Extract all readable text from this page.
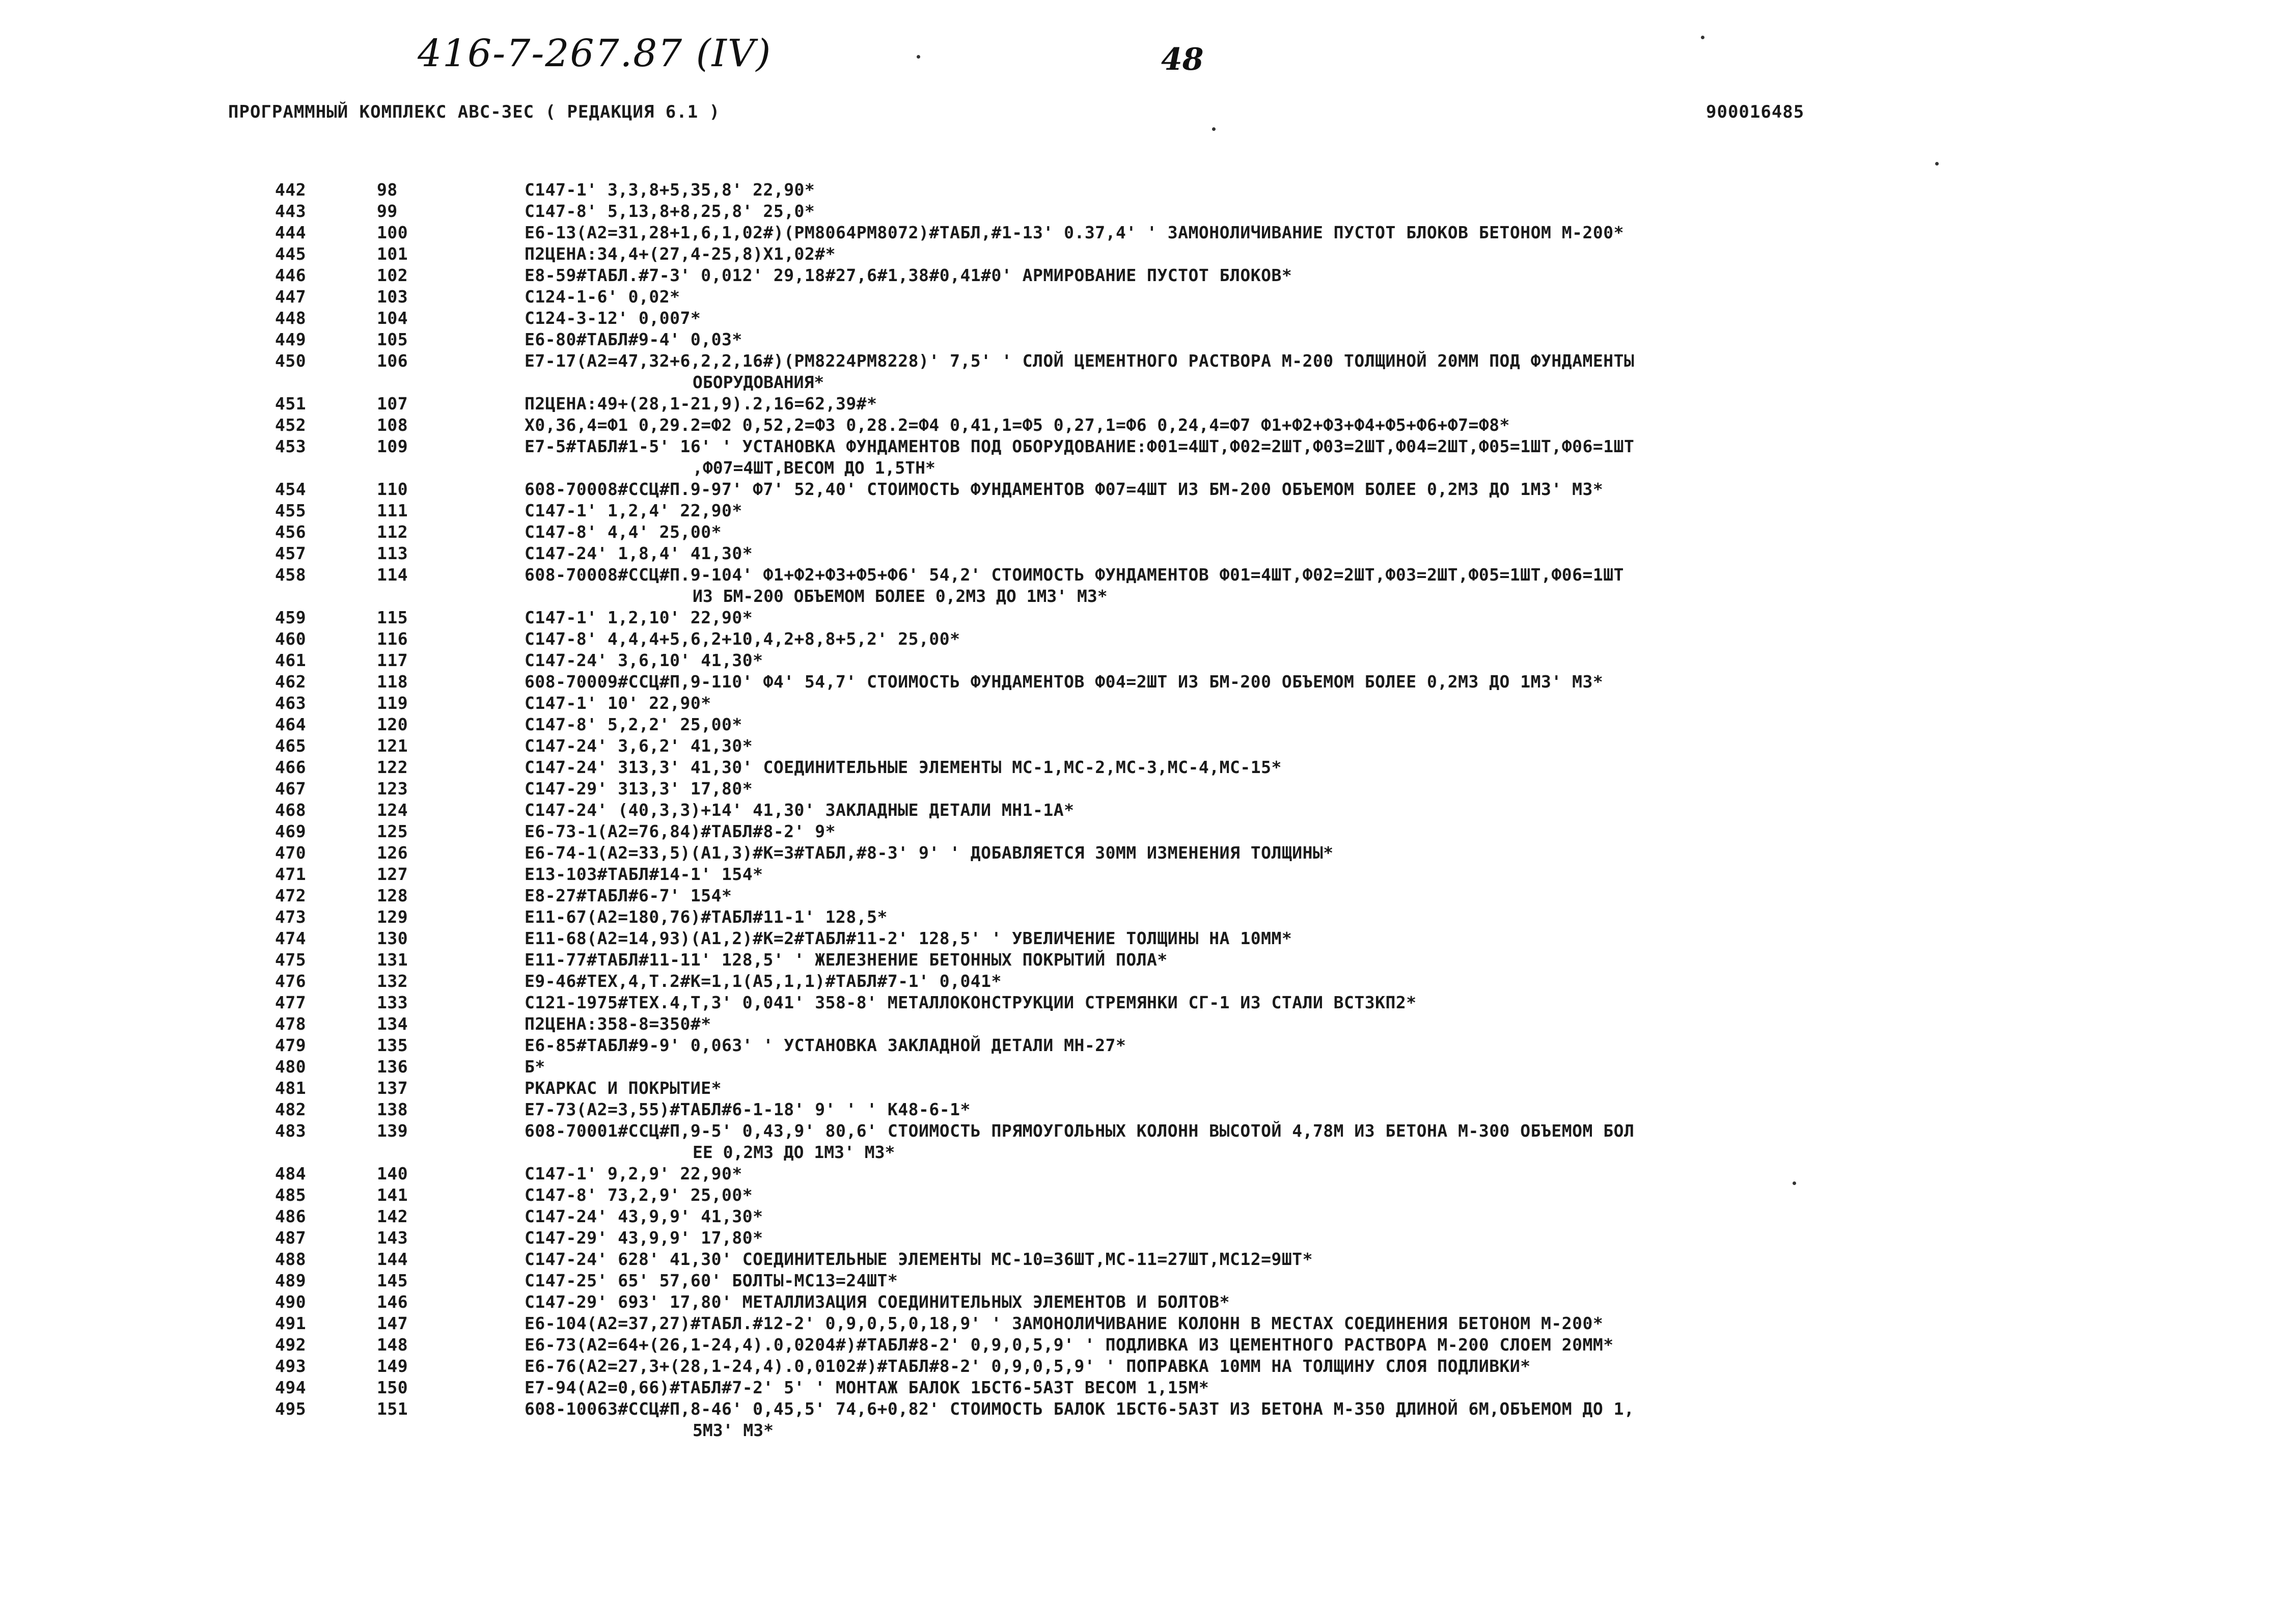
416-7-267.87 (IV)	48
ПРОГРАММНЫЙ КОМПЛЕКС АВС-ЗЕС ( РЕДАКЦИЯ 6.1 )	900016485
442	98	С147-1' 3,3,8+5,35,8' 22,90*
443	99	С147-8' 5,13,8+8,25,8' 25,0*
444	100	Е6-13(А2=31,28+1,6,1,02#)(РМ8064РМ8072)#ТАБЛ,#1-13' 0.37,4' ' ЗАМОНОЛИЧИВАНИЕ ПУСТОТ БЛОКОВ БЕТОНОМ М-200*
445	101	П2ЦЕНА:34,4+(27,4-25,8)Х1,02#*
446	102	Е8-59#ТАБЛ.#7-3' 0,012' 29,18#27,6#1,38#0,41#0' АРМИРОВАНИЕ ПУСТОТ БЛОКОВ*
447	103	С124-1-6' 0,02*
448	104	С124-3-12' 0,007*
449	105	Е6-80#ТАБЛ#9-4' 0,03*
450	106	Е7-17(А2=47,32+6,2,2,16#)(РМ8224РМ8228)' 7,5' ' СЛОЙ ЦЕМЕНТНОГО РАСТВОРА М-200 ТОЛЩИНОЙ 20ММ ПОД ФУНДАМЕНТЫ
ОБОРУДОВАНИЯ*
451	107	П2ЦЕНА:49+(28,1-21,9).2,16=62,39#*
452	108	Х0,36,4=Ф1 0,29.2=Ф2 0,52,2=Ф3 0,28.2=Ф4 0,41,1=Ф5 0,27,1=Ф6 0,24,4=Ф7 Ф1+Ф2+Ф3+Ф4+Ф5+Ф6+Ф7=Ф8*
453	109	Е7-5#ТАБЛ#1-5' 16' ' УСТАНОВКА ФУНДАМЕНТОВ ПОД ОБОРУДОВАНИЕ:Ф01=4ШТ,Ф02=2ШТ,Ф03=2ШТ,Ф04=2ШТ,Ф05=1ШТ,Ф06=1ШТ
,Ф07=4ШТ,ВЕСОМ ДО 1,5ТН*
454	110	608-70008#ССЦ#П.9-97' Ф7' 52,40' СТОИМОСТЬ ФУНДАМЕНТОВ Ф07=4ШТ ИЗ БМ-200 ОБЪЕМОМ БОЛЕЕ 0,2М3 ДО 1М3' М3*
455	111	С147-1' 1,2,4' 22,90*
456	112	С147-8' 4,4' 25,00*
457	113	С147-24' 1,8,4' 41,30*
458	114	608-70008#ССЦ#П.9-104' Ф1+Ф2+Ф3+Ф5+Ф6' 54,2' СТОИМОСТЬ ФУНДАМЕНТОВ Ф01=4ШТ,Ф02=2ШТ,Ф03=2ШТ,Ф05=1ШТ,Ф06=1ШТ
ИЗ БМ-200 ОБЪЕМОМ БОЛЕЕ 0,2М3 ДО 1М3' М3*
459	115	С147-1' 1,2,10' 22,90*
460	116	С147-8' 4,4,4+5,6,2+10,4,2+8,8+5,2' 25,00*
461	117	С147-24' 3,6,10' 41,30*
462	118	608-70009#ССЦ#П,9-110' Ф4' 54,7' СТОИМОСТЬ ФУНДАМЕНТОВ Ф04=2ШТ ИЗ БМ-200 ОБЪЕМОМ БОЛЕЕ 0,2М3 ДО 1М3' М3*
463	119	С147-1' 10' 22,90*
464	120	С147-8' 5,2,2' 25,00*
465	121	С147-24' 3,6,2' 41,30*
466	122	С147-24' 313,3' 41,30' СОЕДИНИТЕЛЬНЫЕ ЭЛЕМЕНТЫ МС-1,МС-2,МС-3,МС-4,МС-15*
467	123	С147-29' 313,3' 17,80*
468	124	С147-24' (40,3,3)+14' 41,30' ЗАКЛАДНЫЕ ДЕТАЛИ МН1-1А*
469	125	Е6-73-1(А2=76,84)#ТАБЛ#8-2' 9*
470	126	Е6-74-1(А2=33,5)(А1,3)#К=3#ТАБЛ,#8-3' 9' ' ДОБАВЛЯЕТСЯ 30ММ ИЗМЕНЕНИЯ ТОЛЩИНЫ*
471	127	Е13-103#ТАБЛ#14-1' 154*
472	128	Е8-27#ТАБЛ#6-7' 154*
473	129	Е11-67(А2=180,76)#ТАБЛ#11-1' 128,5*
474	130	Е11-68(А2=14,93)(А1,2)#К=2#ТАБЛ#11-2' 128,5' ' УВЕЛИЧЕНИЕ ТОЛЩИНЫ НА 10ММ*
475	131	Е11-77#ТАБЛ#11-11' 128,5' ' ЖЕЛЕЗНЕНИЕ БЕТОННЫХ ПОКРЫТИЙ ПОЛА*
476	132	Е9-46#ТЕХ,4,Т.2#К=1,1(А5,1,1)#ТАБЛ#7-1' 0,041*
477	133	С121-1975#ТЕХ.4,Т,3' 0,041' 358-8' МЕТАЛЛОКОНСТРУКЦИИ СТРЕМЯНКИ СГ-1 ИЗ СТАЛИ ВСТ3КП2*
478	134	П2ЦЕНА:358-8=350#*
479	135	Е6-85#ТАБЛ#9-9' 0,063' ' УСТАНОВКА ЗАКЛАДНОЙ ДЕТАЛИ МН-27*
480	136	Б*
481	137	РКАРКАС И ПОКРЫТИЕ*
482	138	Е7-73(А2=3,55)#ТАБЛ#6-1-18' 9' ' ' К48-6-1*
483	139	608-70001#ССЦ#П,9-5' 0,43,9' 80,6' СТОИМОСТЬ ПРЯМОУГОЛЬНЫХ КОЛОНН ВЫСОТОЙ 4,78М ИЗ БЕТОНА М-300 ОБЪЕМОМ БОЛ
ЕЕ 0,2М3 ДО 1М3' М3*
484	140	С147-1' 9,2,9' 22,90*
485	141	С147-8' 73,2,9' 25,00*
486	142	С147-24' 43,9,9' 41,30*
487	143	С147-29' 43,9,9' 17,80*
488	144	С147-24' 628' 41,30' СОЕДИНИТЕЛЬНЫЕ ЭЛЕМЕНТЫ МС-10=36ШТ,МС-11=27ШТ,МС12=9ШТ*
489	145	С147-25' 65' 57,60' БОЛТЫ-МС13=24ШТ*
490	146	С147-29' 693' 17,80' МЕТАЛЛИЗАЦИЯ СОЕДИНИТЕЛЬНЫХ ЭЛЕМЕНТОВ И БОЛТОВ*
491	147	Е6-104(А2=37,27)#ТАБЛ.#12-2' 0,9,0,5,0,18,9' ' ЗАМОНОЛИЧИВАНИЕ КОЛОНН В МЕСТАХ СОЕДИНЕНИЯ БЕТОНОМ М-200*
492	148	Е6-73(А2=64+(26,1-24,4).0,0204#)#ТАБЛ#8-2' 0,9,0,5,9' ' ПОДЛИВКА ИЗ ЦЕМЕНТНОГО РАСТВОРА М-200 СЛОЕМ 20ММ*
493	149	Е6-76(А2=27,3+(28,1-24,4).0,0102#)#ТАБЛ#8-2' 0,9,0,5,9' ' ПОПРАВКА 10ММ НА ТОЛЩИНУ СЛОЯ ПОДЛИВКИ*
494	150	Е7-94(А2=0,66)#ТАБЛ#7-2' 5' ' МОНТАЖ БАЛОК 1БСТ6-5АЗТ ВЕСОМ 1,15М*
495	151	608-10063#ССЦ#П,8-46' 0,45,5' 74,6+0,82' СТОИМОСТЬ БАЛОК 1БСТ6-5АЗТ ИЗ БЕТОНА М-350 ДЛИНОЙ 6М,ОБЪЕМОМ ДО 1,
5М3' М3*
